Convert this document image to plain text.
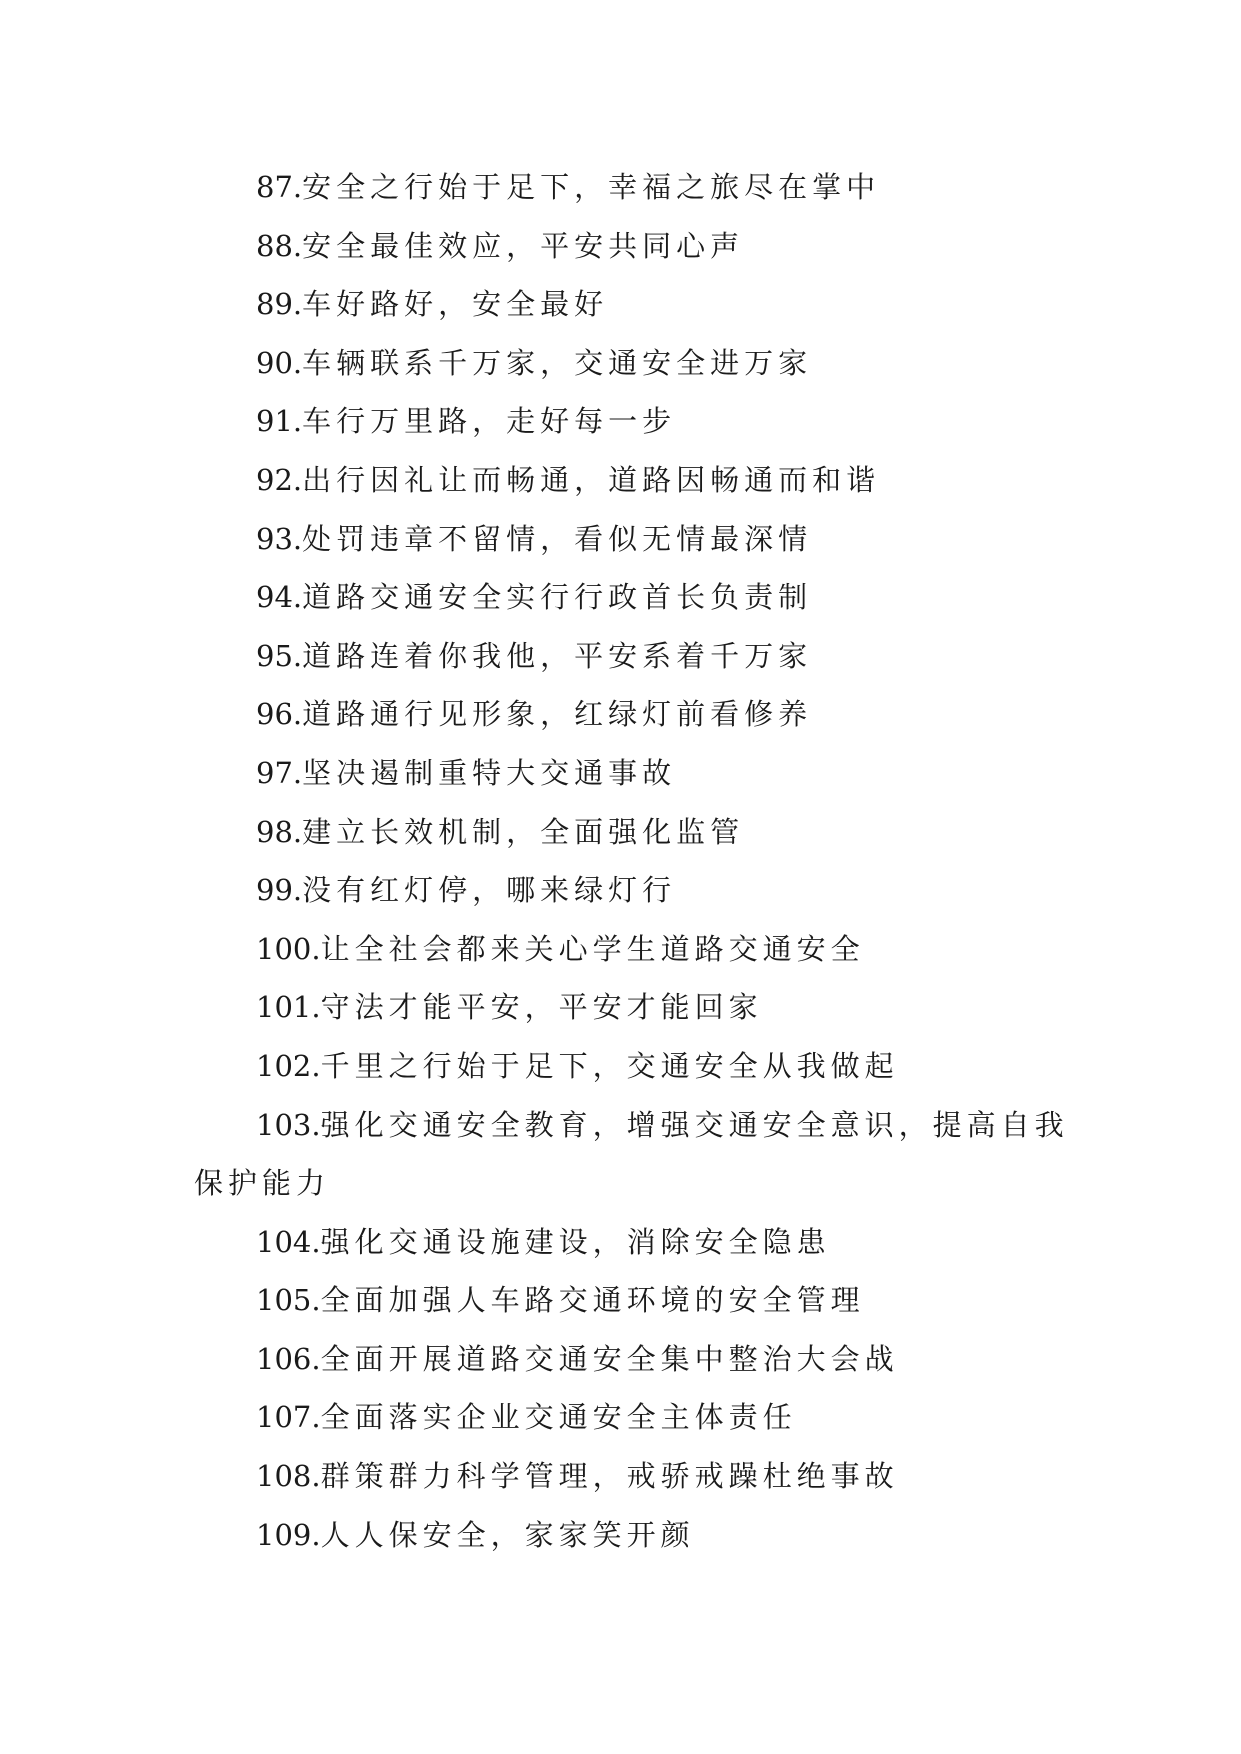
87.安全之行始于足下，幸福之旅尽在掌中
88.安全最佳效应，平安共同心声
89.车好路好，安全最好
90.车辆联系千万家，交通安全进万家
91.车行万里路，走好每一步
92.出行因礼让而畅通，道路因畅通而和谐
93.处罚违章不留情，看似无情最深情
94.道路交通安全实行行政首长负责制
95.道路连着你我他，平安系着千万家
96.道路通行见形象，红绿灯前看修养
97.坚决遏制重特大交通事故
98.建立长效机制，全面强化监管
99.没有红灯停，哪来绿灯行
100.让全社会都来关心学生道路交通安全
101.守法才能平安，平安才能回家
102.千里之行始于足下，交通安全从我做起
103.强化交通安全教育，增强交通安全意识，提高自我保护能力
104.强化交通设施建设，消除安全隐患
105.全面加强人车路交通环境的安全管理
106.全面开展道路交通安全集中整治大会战
107.全面落实企业交通安全主体责任
108.群策群力科学管理，戒骄戒躁杜绝事故
109.人人保安全，家家笑开颜
